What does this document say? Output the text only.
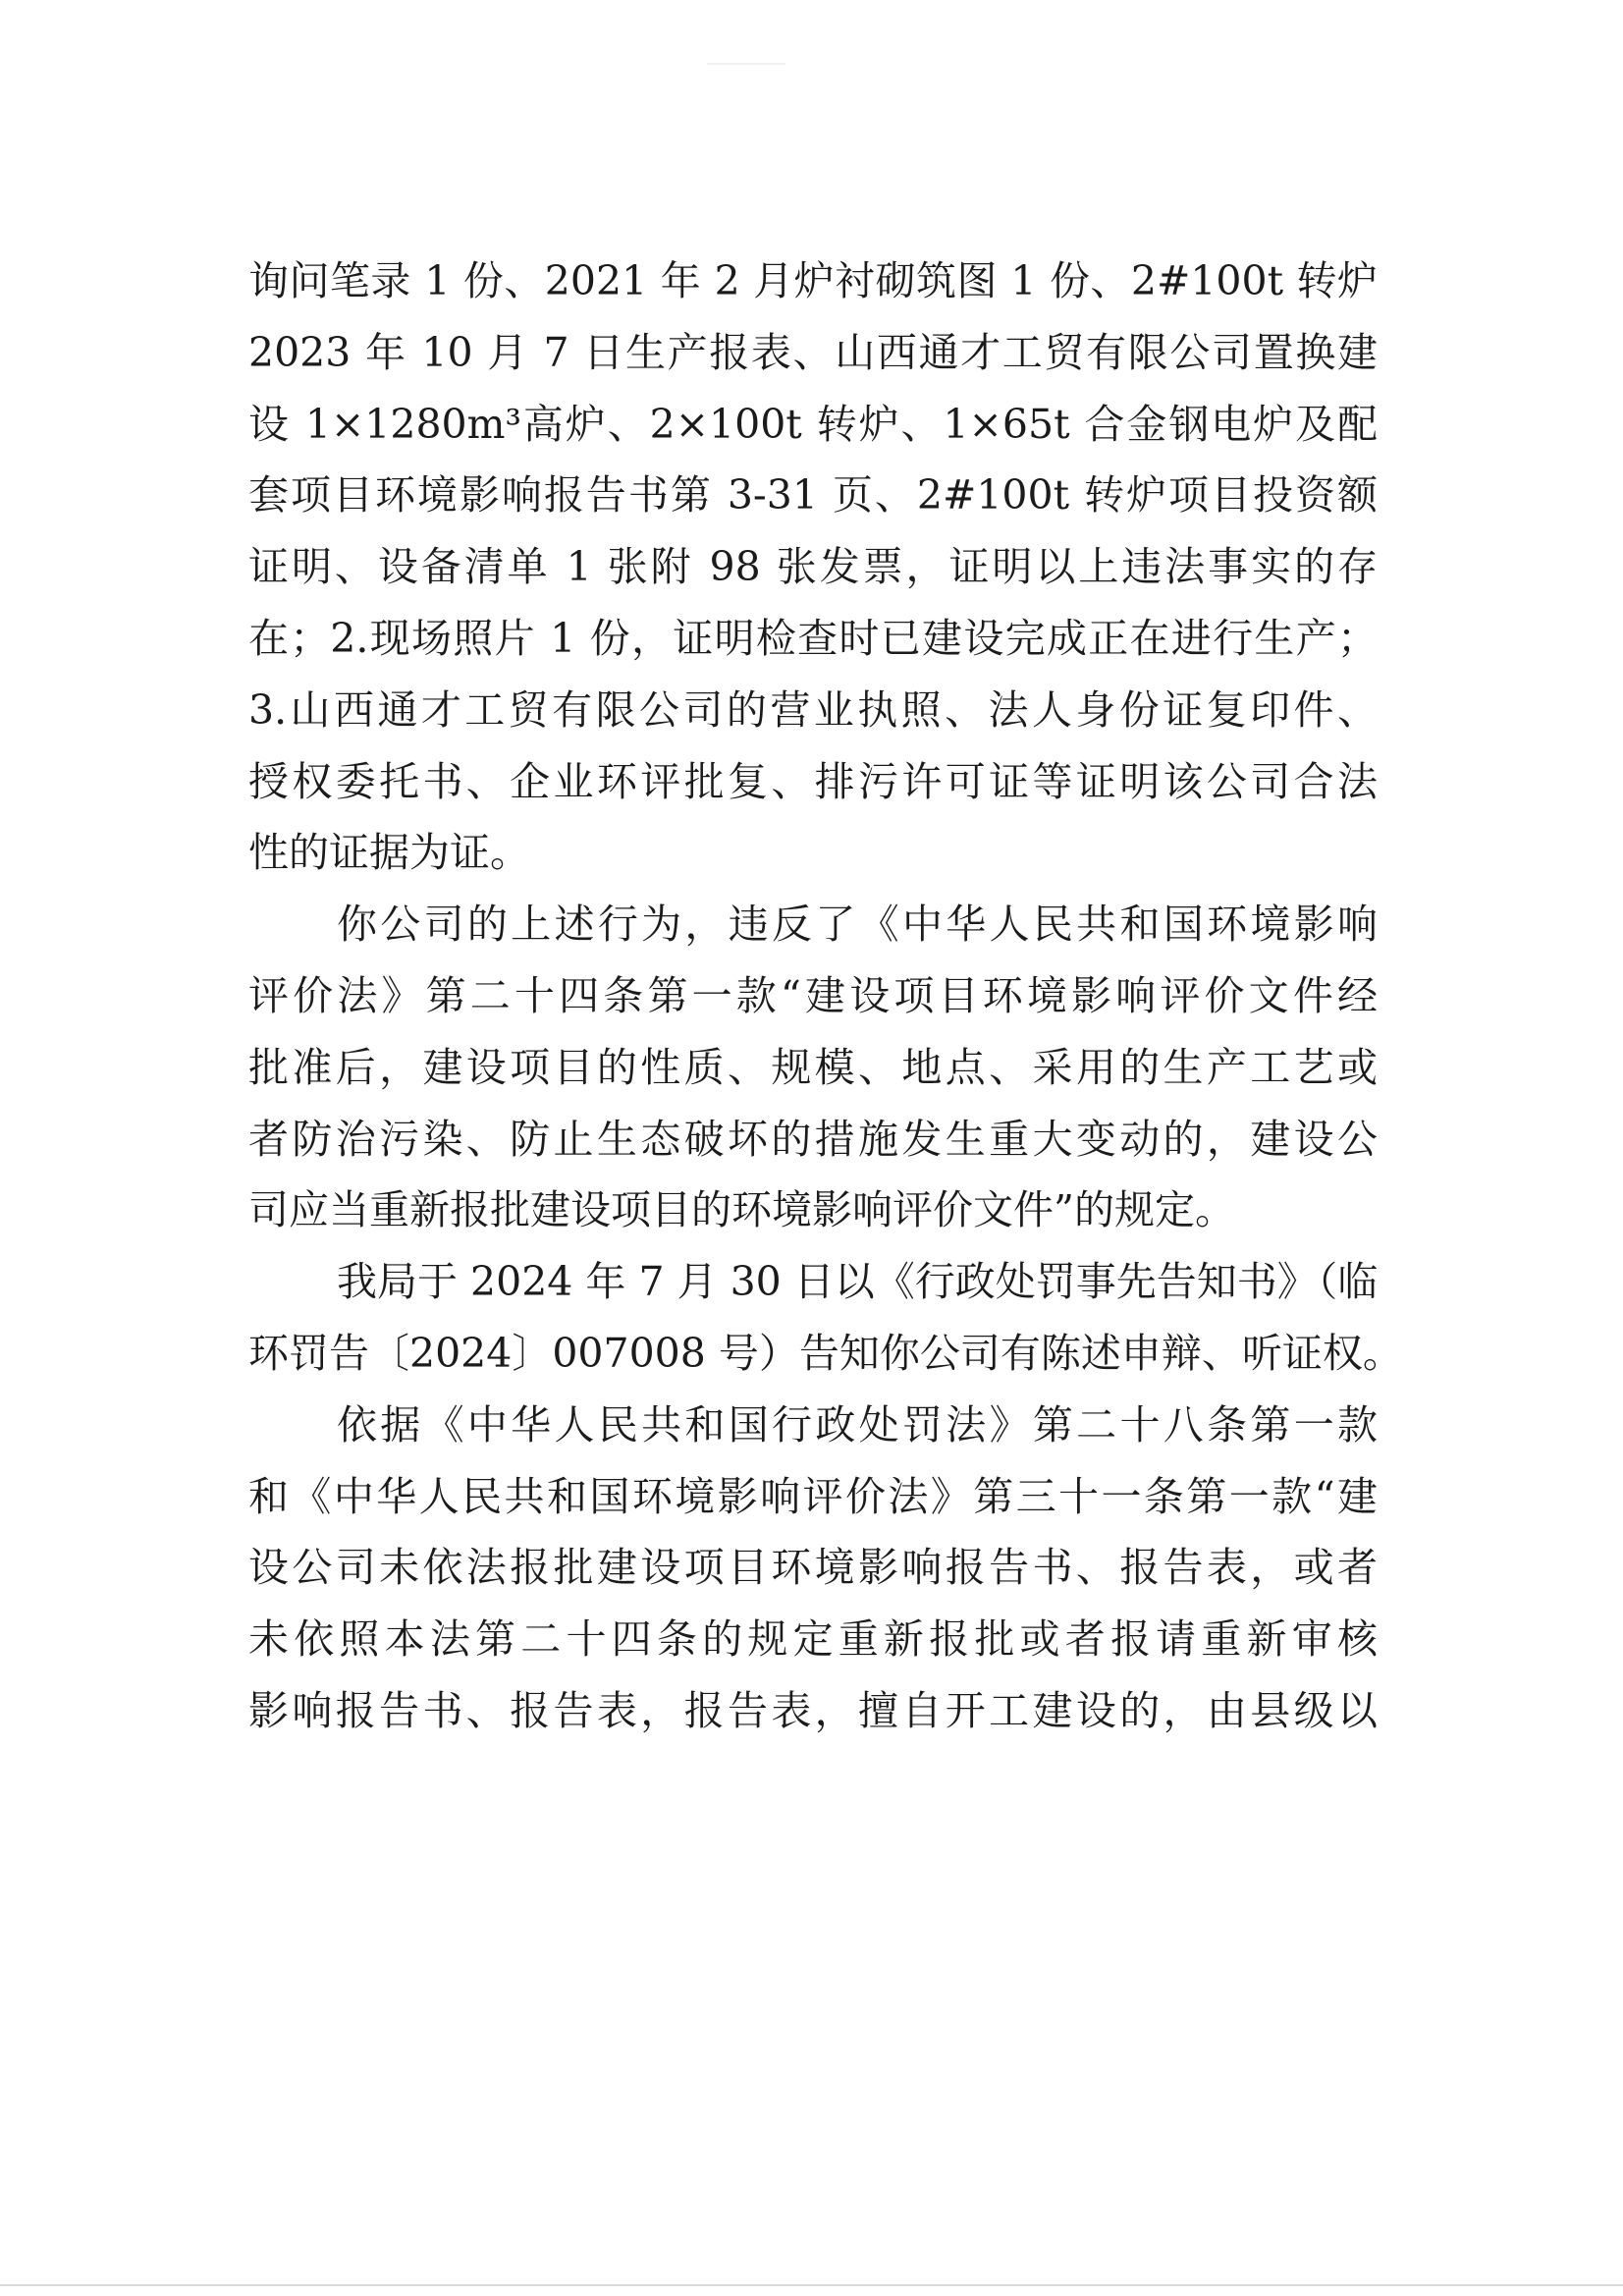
询问笔录 1 份、2021 年 2 月炉衬砌筑图 1 份、2#100t 转炉
2023 年 10 月 7 日生产报表、山西通才工贸有限公司置换建
设 1×1280m³高炉、2×100t 转炉、1×65t 合金钢电炉及配
套项目环境影响报告书第 3-31 页、2#100t 转炉项目投资额
证明、设备清单 1 张附 98 张发票，证明以上违法事实的存
在；2.现场照片 1 份，证明检查时已建设完成正在进行生产；
3.山西通才工贸有限公司的营业执照、法人身份证复印件、
授权委托书、企业环评批复、排污许可证等证明该公司合法
性的证据为证。
你公司的上述行为，违反了《中华人民共和国环境影响
评价法》第二十四条第一款“建设项目环境影响评价文件经
批准后，建设项目的性质、规模、地点、采用的生产工艺或
者防治污染、防止生态破坏的措施发生重大变动的，建设公
司应当重新报批建设项目的环境影响评价文件”的规定。
我局于 2024 年 7 月 30 日以《行政处罚事先告知书》（临
环罚告〔2024〕007008 号）告知你公司有陈述申辩、听证权。
依据《中华人民共和国行政处罚法》第二十八条第一款
和《中华人民共和国环境影响评价法》第三十一条第一款“建
设公司未依法报批建设项目环境影响报告书、报告表，或者
未依照本法第二十四条的规定重新报批或者报请重新审核
影响报告书、报告表，报告表，擅自开工建设的，由县级以
